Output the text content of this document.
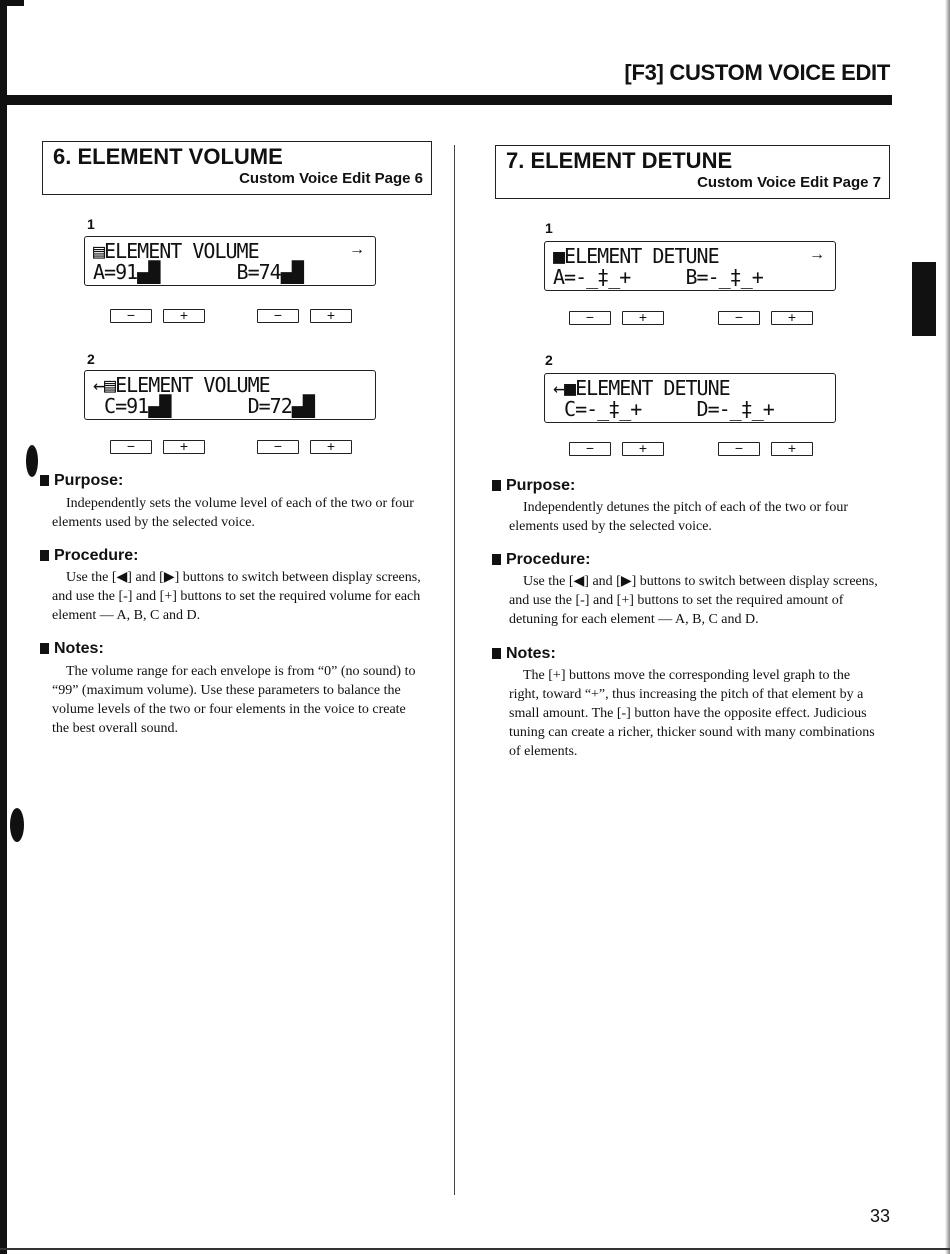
[F3] CUSTOM VOICE EDIT
6. ELEMENT VOLUME
Custom Voice Edit Page 6
1
▤ELEMENT VOLUME	→
A=91▄█       B=74▄█
−	+	−	+
2
←▤ELEMENT VOLUME
C=91▄█       D=72▄█
−	+	−	+
Purpose:
Independently sets the volume level of each of the two or four elements used by the selected voice.
Procedure:
Use the [◀] and [▶] buttons to switch between display screens, and use the [-] and [+] buttons to set the required volume for each element — A, B, C and D.
Notes:
The volume range for each envelope is from “0” (no sound) to “99” (maximum volume). Use these parameters to balance the volume levels of the two or four elements in the voice to create the best overall sound.
7. ELEMENT DETUNE
Custom Voice Edit Page 7
1
■ELEMENT DETUNE	→
A=-_‡_+     B=-_‡_+
−	+	−	+
2
←■ELEMENT DETUNE
C=-_‡_+     D=-_‡_+
−	+	−	+
Purpose:
Independently detunes the pitch of each of the two or four elements used by the selected voice.
Procedure:
Use the [◀] and [▶] buttons to switch between display screens, and use the [-] and [+] buttons to set the required amount of detuning for each element — A, B, C and D.
Notes:
The [+] buttons move the corresponding level graph to the right, toward “+”, thus increasing the pitch of that element by a small amount. The [-] button have the opposite effect. Judicious tuning can create a richer, thicker sound with many combinations of elements.
33
